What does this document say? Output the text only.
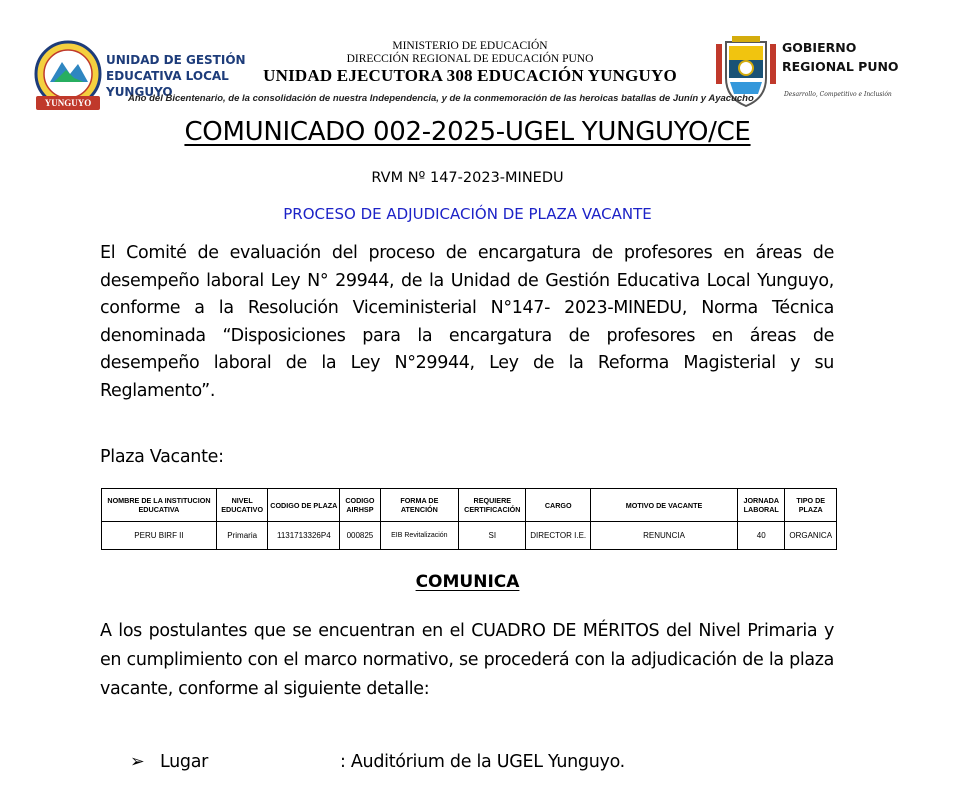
YUNGUYO
UNIDAD DE GESTIÓN EDUCATIVA LOCAL YUNGUYO
MINISTERIO DE EDUCACIÓN
DIRECCIÓN REGIONAL DE EDUCACIÓN PUNO
UNIDAD EJECUTORA 308 EDUCACIÓN YUNGUYO
GOBIERNO REGIONAL PUNO
Desarrollo, Competitivo e Inclusión
Año del Bicentenario, de la consolidación de nuestra Independencia, y de la conmemoración de las heroicas batallas de Junín y Ayacucho
COMUNICADO 002-2025-UGEL YUNGUYO/CE
RVM Nº 147-2023-MINEDU
PROCESO DE ADJUDICACIÓN DE PLAZA VACANTE

El Comité de evaluación del proceso de encargatura de profesores en áreas de desempeño laboral Ley N° 29944, de la Unidad de Gestión Educativa Local Yunguyo, conforme a la Resolución Viceministerial N°147- 2023-MINEDU, Norma Técnica denominada “Disposiciones para la encargatura de profesores en áreas de desempeño laboral de la Ley N°29944, Ley de la Reforma Magisterial y su Reglamento”.

Plaza Vacante:
NOMBRE DE LA INSTITUCION EDUCATIVA	NIVEL EDUCATIVO	CODIGO DE PLAZA	CODIGO AIRHSP	FORMA DE ATENCIÓN	REQUIERE CERTIFICACIÓN	CARGO	MOTIVO DE VACANTE	JORNADA LABORAL	TIPO DE PLAZA
PERU BIRF II	Primaria	1131713326P4	000825	EIB Revitalización	SI	DIRECTOR I.E.	RENUNCIA	40	ORGANICA
COMUNICA

A los postulantes que se encuentran en el CUADRO DE MÉRITOS del Nivel Primaria y en cumplimiento con el marco normativo, se procederá con la adjudicación de la plaza vacante, conforme al siguiente detalle:

➢ Lugar	: Auditórium de la UGEL Yunguyo.
